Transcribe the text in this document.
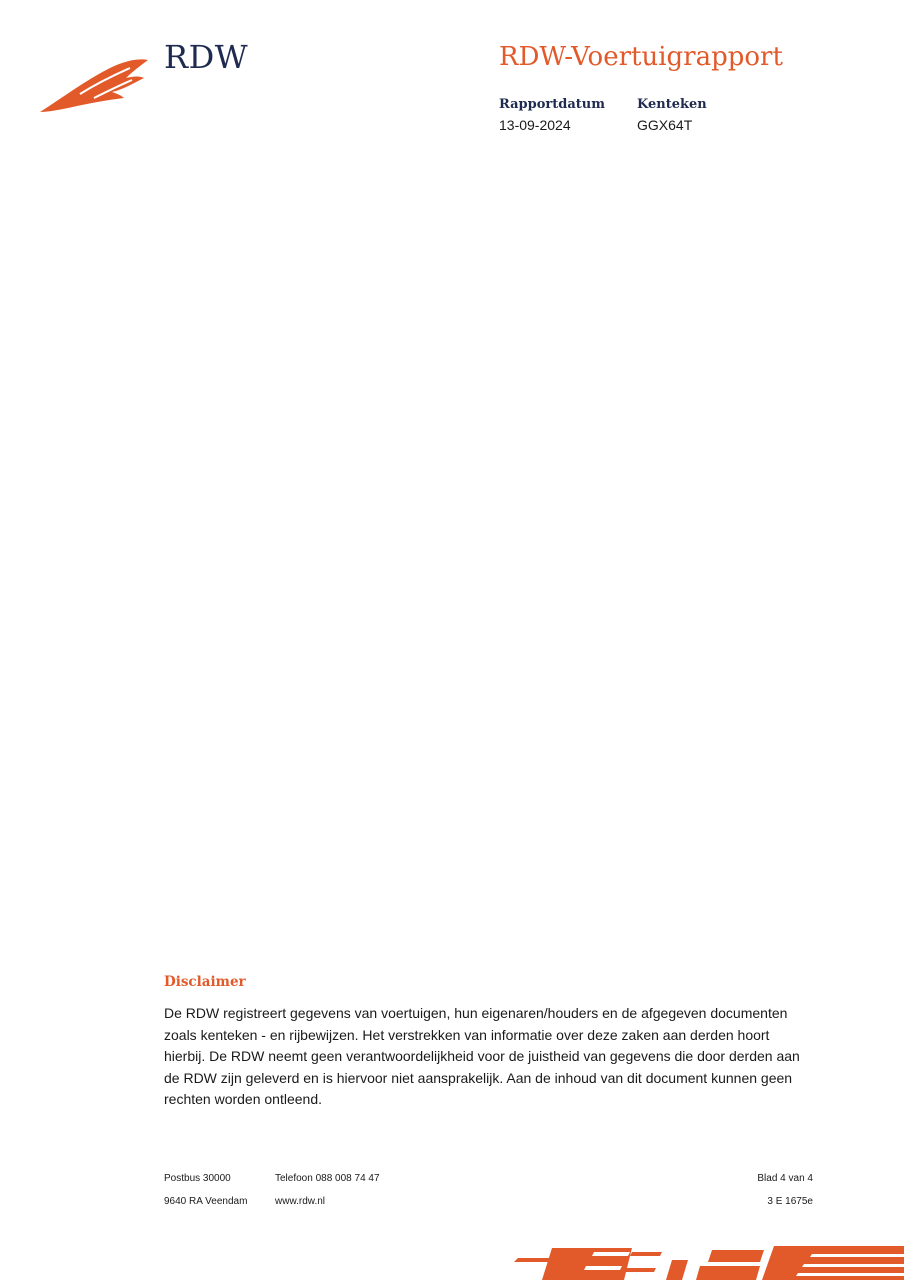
RDW	RDW-Voertuigrapport
Rapportdatum
13-09-2024
Kenteken
GGX64T
Disclaimer
De RDW registreert gegevens van voertuigen, hun eigenaren/houders en de afgegeven documenten zoals kenteken - en rijbewijzen. Het verstrekken van informatie over deze zaken aan derden hoort hierbij. De RDW neemt geen verantwoordelijkheid voor de juistheid van gegevens die door derden aan de RDW zijn geleverd en is hiervoor niet aansprakelijk. Aan de inhoud van dit document kunnen geen rechten worden ontleend.
Postbus 30000
9640 RA Veendam
Telefoon 088 008 74 47
www.rdw.nl
Blad 4 van 4
3 E 1675e
